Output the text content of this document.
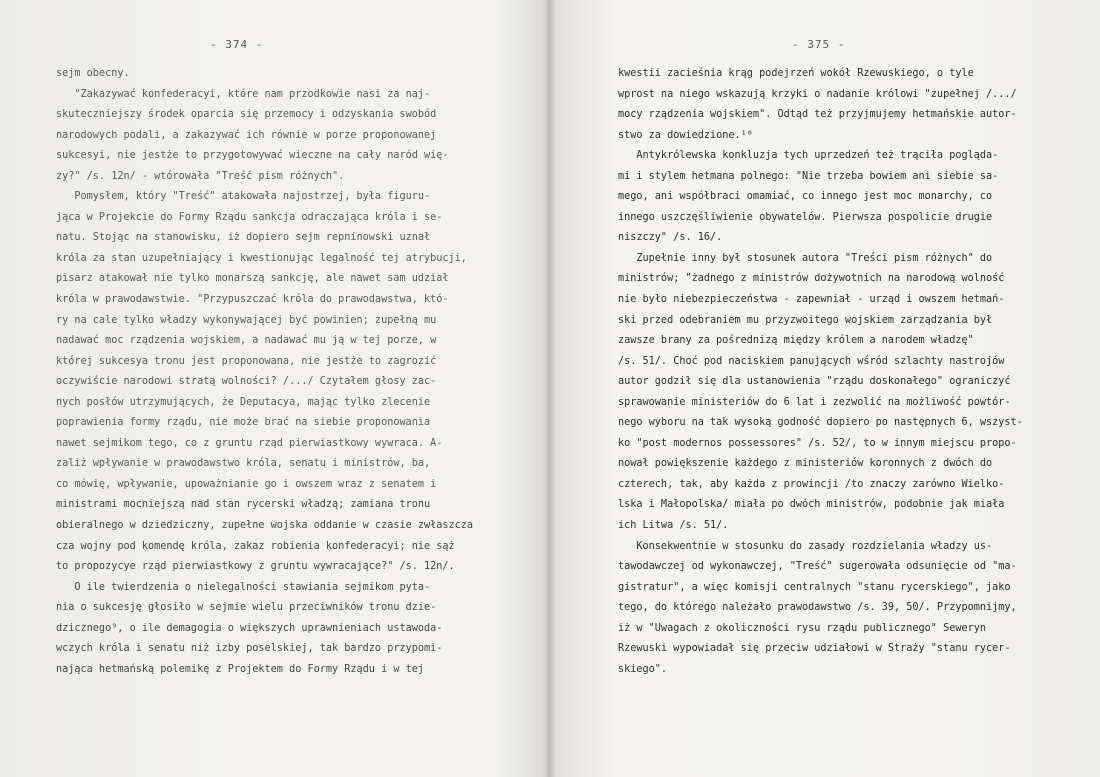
- 374 -
sejm obecny.
"Zakazywać konfederacyi, które nam przodkowie nasi za naj-
skuteczniejszy środek oparcia się przemocy i odzyskania swobód
narodowych podali, a zakazywać ich równie w porze proponowanej
sukcesyi, nie jestże to przygotowywać wieczne na cały naród wię-
zy?" /s. 12n/ - wtórowała "Treść pism różnych".
Pomysłem, który "Treść" atakowała najostrzej, była figuru-
jąca w Projekcie do Formy Rządu sankcja odraczająca króla i se-
natu. Stojąc na stanowisku, iż dopiero sejm repninowski uznał
króla za stan uzupełniający i kwestionując legalność tej atrybucji,
pisarz atakował nie tylko monarszą sankcję, ale nawet sam udział
króla w prawodawstwie. "Przypuszczać króla do prawodawstwa, któ-
ry na cale tylko władzy wykonywającej być powinien; zupełną mu
nadawać moc rządzenia wojskiem, a nadawać mu ją w tej porze, w
której sukcesya tronu jest proponowana, nie jestże to zagrozić
oczywiście narodowi stratą wolności? /.../ Czytałem głosy zac-
nych posłów utrzymujących, że Deputacya, mając tylko zlecenie
poprawienia formy rządu, nie może brać na siebie proponowania
nawet sejmikom tego, co z gruntu rząd pierwiastkowy wywraca. A-
zaliż wpływanie w prawodawstwo króla, senatu i ministrów, ba,
co mówię, wpływanie, upoważnianie go i owszem wraz z senatem i
ministrami mocniejszą nad stan rycerski władzą; zamiana tronu
obieralnego w dziedziczny, zupełne wojska oddanie w czasie zwłaszcza
cza wojny pod komendę króla, zakaz robienia konfederacyi; nie sąż
to propozycye rząd pierwiastkowy z gruntu wywracające?" /s. 12n/.
O ile twierdzenia o nielegalności stawiania sejmikom pyta-
nia o sukcesję głosiło w sejmie wielu przeciwników tronu dzie-
dzicznego⁹, o ile demagogia o większych uprawnieniach ustawoda-
wczych króla i senatu niż izby poselskiej, tak bardzo przypomi-
nająca hetmańską polemikę z Projektem do Formy Rządu i w tej
- 375 -
kwestii zacieśnia krąg podejrzeń wokół Rzewuskiego, o tyle
wprost na niego wskazują krzyki o nadanie królowi "zupełnej /.../
mocy rządzenia wojskiem". Odtąd też przyjmujemy hetmańskie autor-
stwo za dowiedzione.¹⁰
Antykrólewska konkluzja tych uprzedzeń też trąciła poglądа-
mi i stylem hetmana polnego: "Nie trzeba bowiem ani siebie sa-
mego, ani współbraci omamiać, co innego jest moc monarchy, co
innego uszczęśliwienie obywatelów. Pierwsza pospolicie drugie
niszczy" /s. 16/.
Zupełnie inny był stosunek autora "Treści pism różnych" do
ministrów; "żadnego z ministrów dożywotnich na narodową wolność
nie było niebezpieczeństwa - zapewniał - urząd i owszem hetmań-
ski przed odebraniem mu przyzwoitego wojskiem zarządzania był
zawsze brany za pośrednizą między królem a narodem władzę"
/s. 51/. Choć pod naciskiem panujących wśród szlachty nastrojów
autor godził się dla ustanowienia "rządu doskonałego" ograniczyć
sprawowanie ministeriów do 6 lat i zezwolić na możliwość powtór-
nego wyboru na tak wysoką godność dopiero po następnych 6, wszyst-
ko "post modernos possessores" /s. 52/, to w innym miejscu propo-
nował powiększenie każdego z ministeriów koronnych z dwóch do
czterech, tak, aby każda z prowincji /to znaczy zarówno Wielko-
lska i Małopolska/ miała po dwóch ministrów, podobnie jak miała
ich Litwa /s. 51/.
Konsekwentnie w stosunku do zasady rozdzielania władzy us-
tawodawczej od wykonawczej, "Treść" sugerowała odsunięcie od "ma-
gistratur", a więc komisji centralnych "stanu rycerskiego", jako
tego, do którego należało prawodawstwo /s. 39, 50/. Przypomnijmy,
iż w "Uwagach z okoliczności rysu rządu publicznego" Seweryn
Rzewuski wypowiadał się przeciw udziałowi w Straży "stanu rycer-
skiego".
